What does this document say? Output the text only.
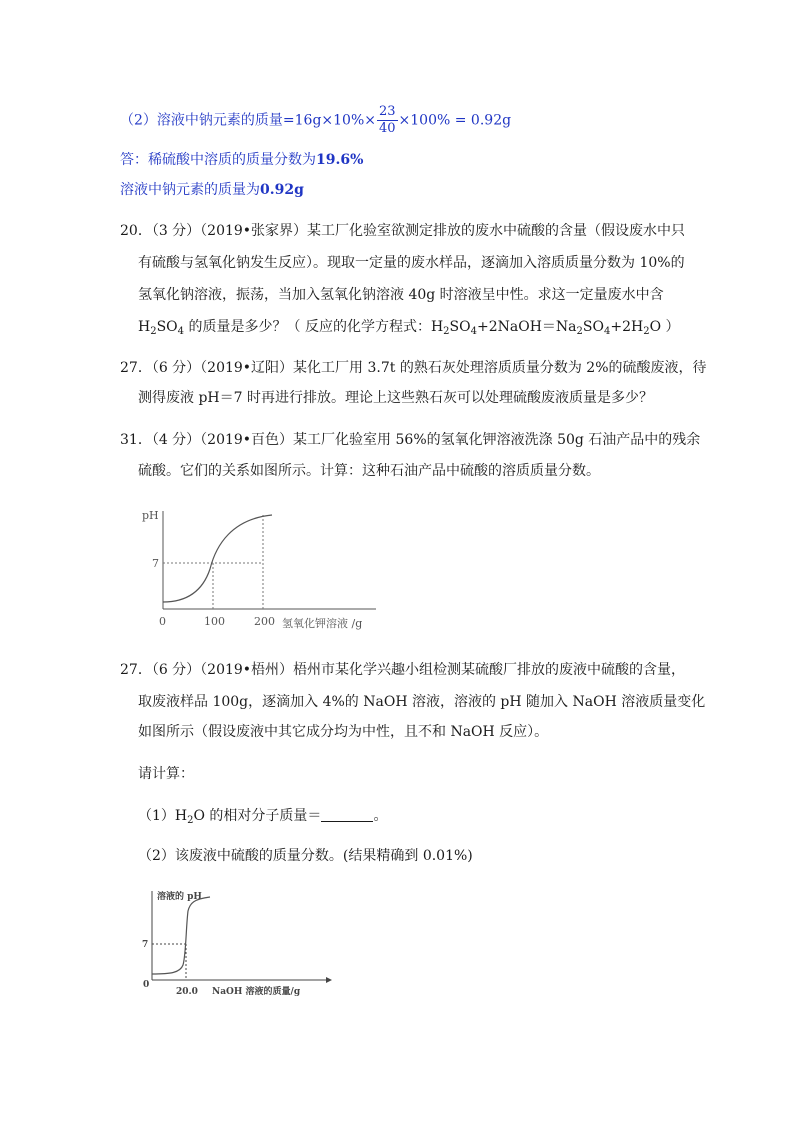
（2）溶液中钠元素的质量$=16g\times 10\%\times \frac{23}{40} \times 100\% = 0.92g$
答：稀硫酸中溶质的质量分数为19.6%
溶液中钠元素的质量为0.92g
20．（3 分）（2019•张家界）某工厂化验室欲测定排放的废水中硫酸的含量（假设废水中只
有硫酸与氢氧化钠发生反应）。现取一定量的废水样品，逐滴加入溶质质量分数为 10%的
氢氧化钠溶液，振荡，当加入氢氧化钠溶液 40g 时溶液呈中性。求这一定量废水中含
$H_2SO_4$ 的质量是多少？（ 反应的化学方程式：$H_2SO_4+2NaOH=Na_2SO_4+2H_2O$ ）
27．（6 分）（2019•辽阳）某化工厂用 3.7t 的熟石灰处理溶质质量分数为 2%的硫酸废液，待
测得废液 pH＝7 时再进行排放。理论上这些熟石灰可以处理硫酸废液质量是多少？
31．（4 分）（2019•百色）某工厂化验室用 56%的氢氧化钾溶液洗涤 50g 石油产品中的残余
硫酸。它们的关系如图所示。计算：这种石油产品中硫酸的溶质质量分数。
pH
7
0	100	200 氢氧化钾溶液 /g
27．（6 分）（2019•梧州）梧州市某化学兴趣小组检测某硫酸厂排放的废液中硫酸的含量，
取废液样品 100g，逐滴加入 4%的 NaOH 溶液，溶液的 pH 随加入 NaOH 溶液质量变化
如图所示（假设废液中其它成分均为中性，且不和 NaOH 反应）。
请计算：
$(1)H_2O$ 的相对分子质量＝	。
（2）该废液中硫酸的质量分数。(结果精确到 0.01%)
溶液的 pH
7
0
20.0 NaOH 溶液的质量/g
